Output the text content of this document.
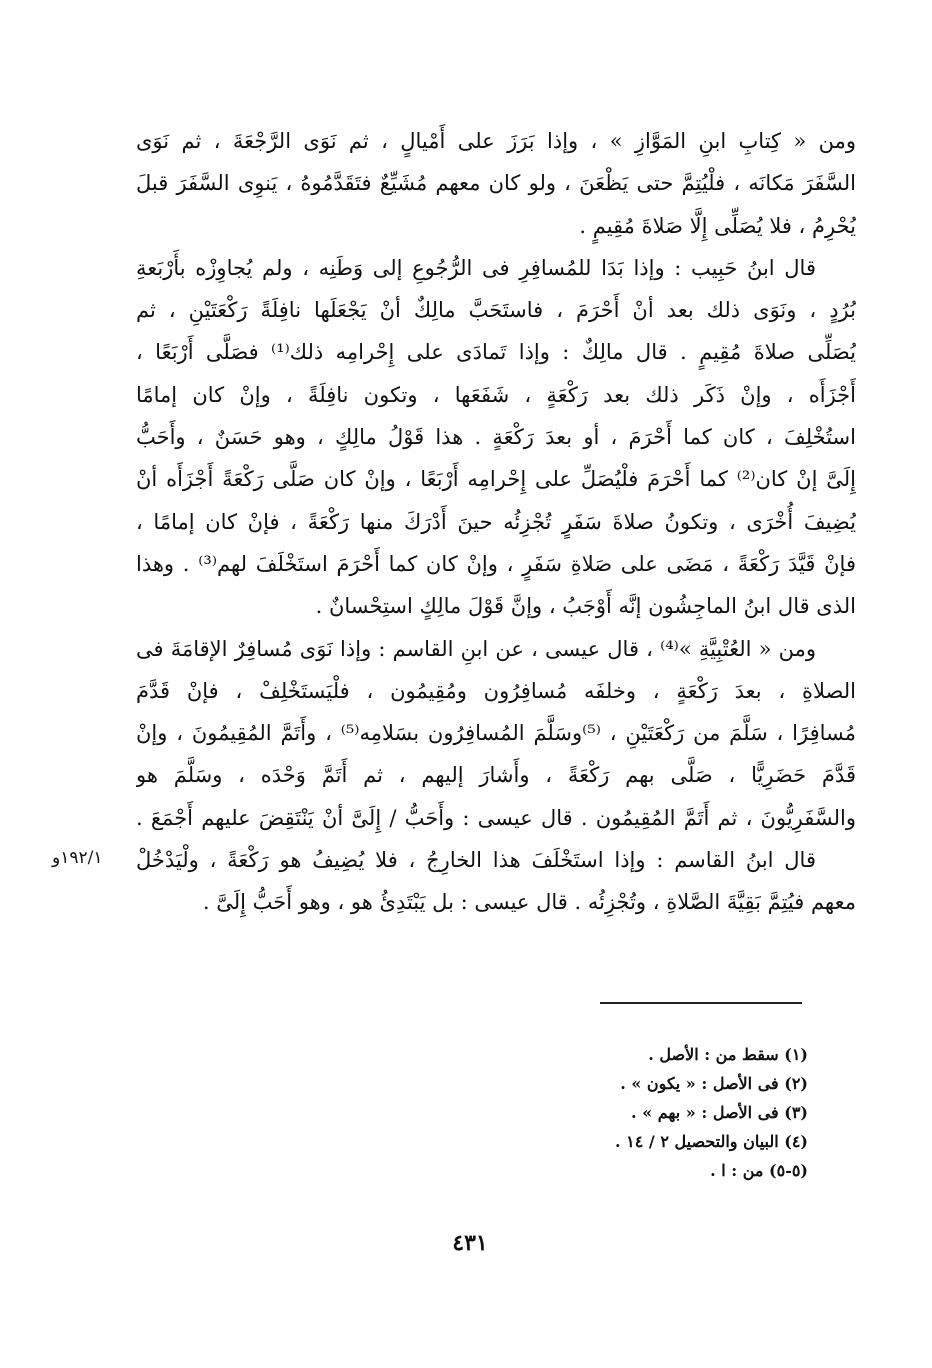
ومن « كِتابِ ابنِ المَوَّازِ » ، وإذا بَرَزَ على أَمْيالٍ ، ثم نَوَى الرَّجْعَةَ ، ثم نَوَى
السَّفَرَ مَكانَه ، فلْيُتِمَّ حتى يَظْعَنَ ، ولو كان معهم مُشَيِّعٌ فتَقَدَّمُوهُ ، يَنوِى السَّفَرَ قبلَ
يُحْرِمُ ، فلا يُصَلِّى إِلَّا صَلاةَ مُقِيمٍ .
قال ابنُ حَبِيب : وإذا بَدَا للمُسافِرِ فى الرُّجُوعِ إلى وَطَنِه ، ولم يُجاوِزْه بأَرْبَعةِ
بُرُدٍ ، ونَوَى ذلك بعد أنْ أَحْرَمَ ، فاستَحَبَّ مالِكٌ أنْ يَجْعَلَها نافِلَةً رَكْعَتَيْنِ ، ثم
يُصَلِّى صلاةَ مُقِيمٍ . قال مالِكٌ : وإذا تَمادَى على إِحْرامِه ذلك⁽¹⁾ فصَلَّى أَرْبَعًا ،
أَجْزَأَه ، وإنْ ذَكَر ذلك بعد رَكْعَةٍ ، شَفَعَها ، وتكون نافِلَةً ، وإنْ كان إمامًا
استُخْلِفَ ، كان كما أَحْرَمَ ، أو بعدَ رَكْعَةٍ . هذا قَوْلُ مالِكٍ ، وهو حَسَنٌ ، وأَحَبُّ
إِلَىَّ إنْ كان⁽²⁾ كما أَحْرَمَ فلْيُصَلِّ على إِحْرامِه أَرْبَعًا ، وإنْ كان صَلَّى رَكْعَةً أَجْزَأَه أنْ
يُضِيفَ أُخْرَى ، وتكونُ صلاةَ سَفَرٍ تُجْزِئُه حينَ أَدْرَكَ منها رَكْعَةً ، فإنْ كان إمامًا ،
فإنْ قَيَّدَ رَكْعَةً ، مَضَى على صَلاةِ سَفَرٍ ، وإنْ كان كما أَحْرَمَ استَخْلَفَ لهم⁽³⁾ . وهذا
الذى قال ابنُ الماجِشُون إنَّه أَوْجَبُ ، وإنَّ قَوْلَ مالِكٍ استِحْسانٌ .
ومن « العُتْبِيَّةِ »⁽⁴⁾ ، قال عيسى ، عن ابنِ القاسم : وإذا نَوَى مُسافِرٌ الإقامَةَ فى
الصلاةِ ، بعدَ رَكْعَةٍ ، وخلفَه مُسافِرُون ومُقِيمُون ، فلْيَستَخْلِفْ ، فإنْ قَدَّمَ
مُسافِرًا ، سَلَّمَ من رَكْعَتَيْنِ ، ⁽⁵⁾وسَلَّمَ المُسافِرُون بسَلامِه⁽⁵⁾ ، وأَتَمَّ المُقِيمُونَ ، وإنْ
قَدَّمَ حَضَرِيًّا ، صَلَّى بهم رَكْعَةً ، وأَشارَ إليهم ، ثم أَتَمَّ وَحْدَه ، وسَلَّمَ هو
والسَّفَرِيُّونَ ، ثم أَتَمَّ المُقِيمُون . قال عيسى : وأَحَبُّ / إِلَىَّ أنْ يَنْتَقِضَ عليهم أَجْمَعَ .
قال ابنُ القاسم : وإذا استَخْلَفَ هذا الخارِجُ ، فلا يُضِيفُ هو رَكْعَةً ، ولْيَدْخُلْ
معهم فيُتِمَّ بَقِيَّةَ الصَّلاةِ ، وتُجْزِئُه . قال عيسى : بل يَبْتَدِئُ هو ، وهو أَحَبُّ إِلَىَّ .
١٩٢/١و
(١) سقط من : الأصل .
(٢) فى الأصل : « يكون » .
(٣) فى الأصل : « بهم » .
(٤) البيان والتحصيل ٢ / ١٤ .
(٥-٥) من : ا .
٤٣١
